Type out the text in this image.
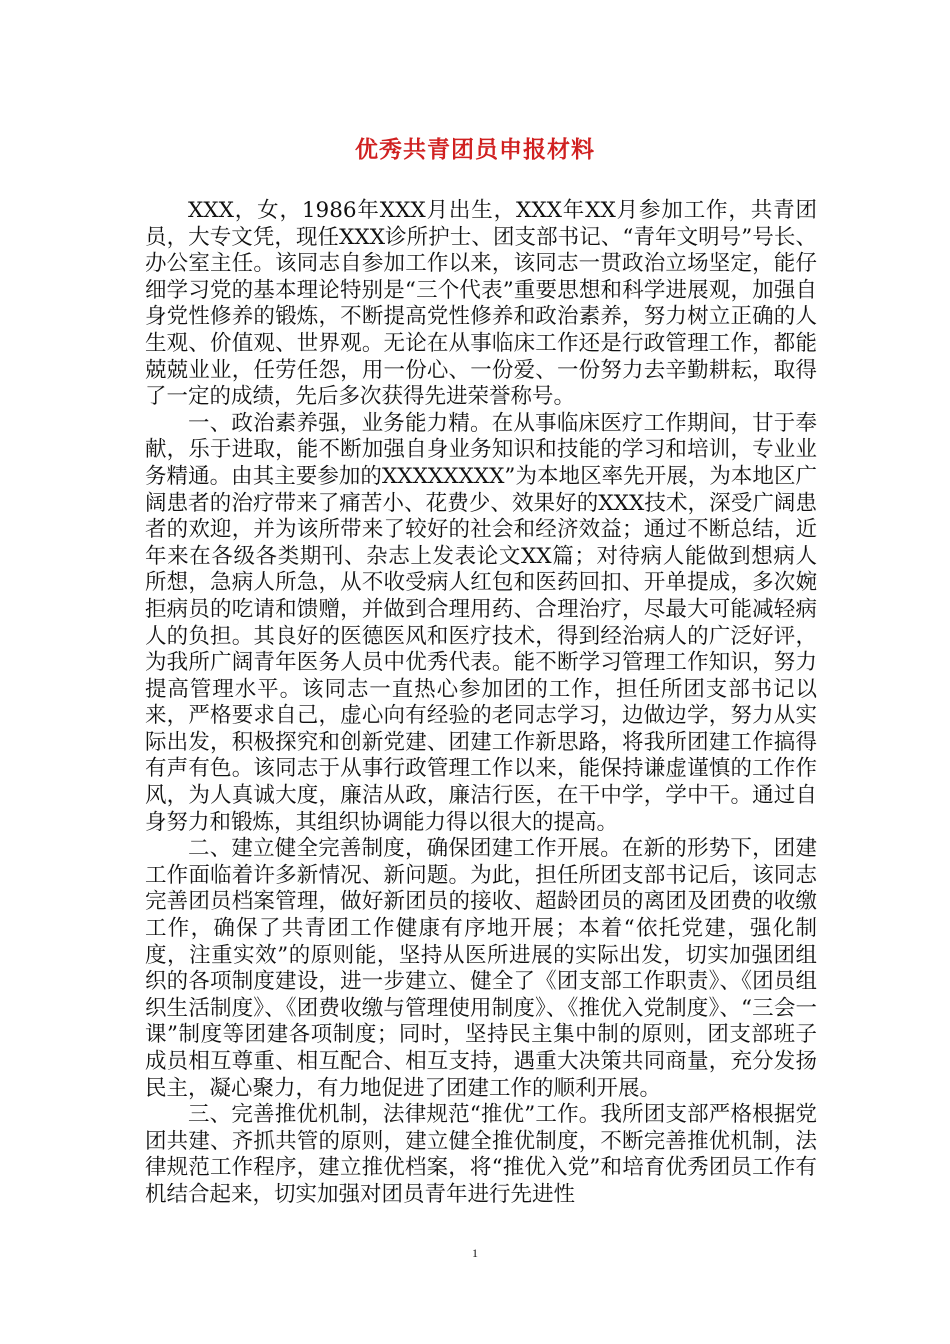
优秀共青团员申报材料

XXX，女，1986年XXX月出生，XXX年XX月参加工作，共青团员，大专文凭，现任XXX诊所护士、团支部书记、“青年文明号”号长、办公室主任。该同志自参加工作以来，该同志一贯政治立场坚定，能仔细学习党的基本理论特别是“三个代表”重要思想和科学进展观，加强自身党性修养的锻炼，不断提高党性修养和政治素养，努力树立正确的人生观、价值观、世界观。无论在从事临床工作还是行政管理工作，都能兢兢业业，任劳任怨，用一份心、一份爱、一份努力去辛勤耕耘，取得了一定的成绩，先后多次获得先进荣誉称号。

一、政治素养强，业务能力精。在从事临床医疗工作期间，甘于奉献，乐于进取，能不断加强自身业务知识和技能的学习和培训，专业业务精通。由其主要参加的XXXXXXXX”为本地区率先开展，为本地区广阔患者的治疗带来了痛苦小、花费少、效果好的XXX技术，深受广阔患者的欢迎，并为该所带来了较好的社会和经济效益；通过不断总结，近年来在各级各类期刊、杂志上发表论文XX篇；对待病人能做到想病人所想，急病人所急，从不收受病人红包和医药回扣、开单提成，多次婉拒病员的吃请和馈赠，并做到合理用药、合理治疗，尽最大可能减轻病人的负担。其良好的医德医风和医疗技术，得到经治病人的广泛好评，为我所广阔青年医务人员中优秀代表。能不断学习管理工作知识，努力提高管理水平。该同志一直热心参加团的工作，担任所团支部书记以来，严格要求自己，虚心向有经验的老同志学习，边做边学，努力从实际出发，积极探究和创新党建、团建工作新思路，将我所团建工作搞得有声有色。该同志于从事行政管理工作以来，能保持谦虚谨慎的工作作风，为人真诚大度，廉洁从政，廉洁行医，在干中学，学中干。通过自身努力和锻炼，其组织协调能力得以很大的提高。

二、建立健全完善制度，确保团建工作开展。在新的形势下，团建工作面临着许多新情况、新问题。为此，担任所团支部书记后，该同志完善团员档案管理，做好新团员的接收、超龄团员的离团及团费的收缴工作，确保了共青团工作健康有序地开展；本着“依托党建，强化制度，注重实效”的原则能，坚持从医所进展的实际出发，切实加强团组织的各项制度建设，进一步建立、健全了《团支部工作职责》、《团员组织生活制度》、《团费收缴与管理使用制度》、《推优入党制度》、“三会一课”制度等团建各项制度；同时，坚持民主集中制的原则，团支部班子成员相互尊重、相互配合、相互支持，遇重大决策共同商量，充分发扬民主，凝心聚力，有力地促进了团建工作的顺利开展。

三、完善推优机制，法律规范“推优”工作。我所团支部严格根据党团共建、齐抓共管的原则，建立健全推优制度，不断完善推优机制，法律规范工作程序，建立推优档案，将“推优入党”和培育优秀团员工作有机结合起来，切实加强对团员青年进行先进性

1
